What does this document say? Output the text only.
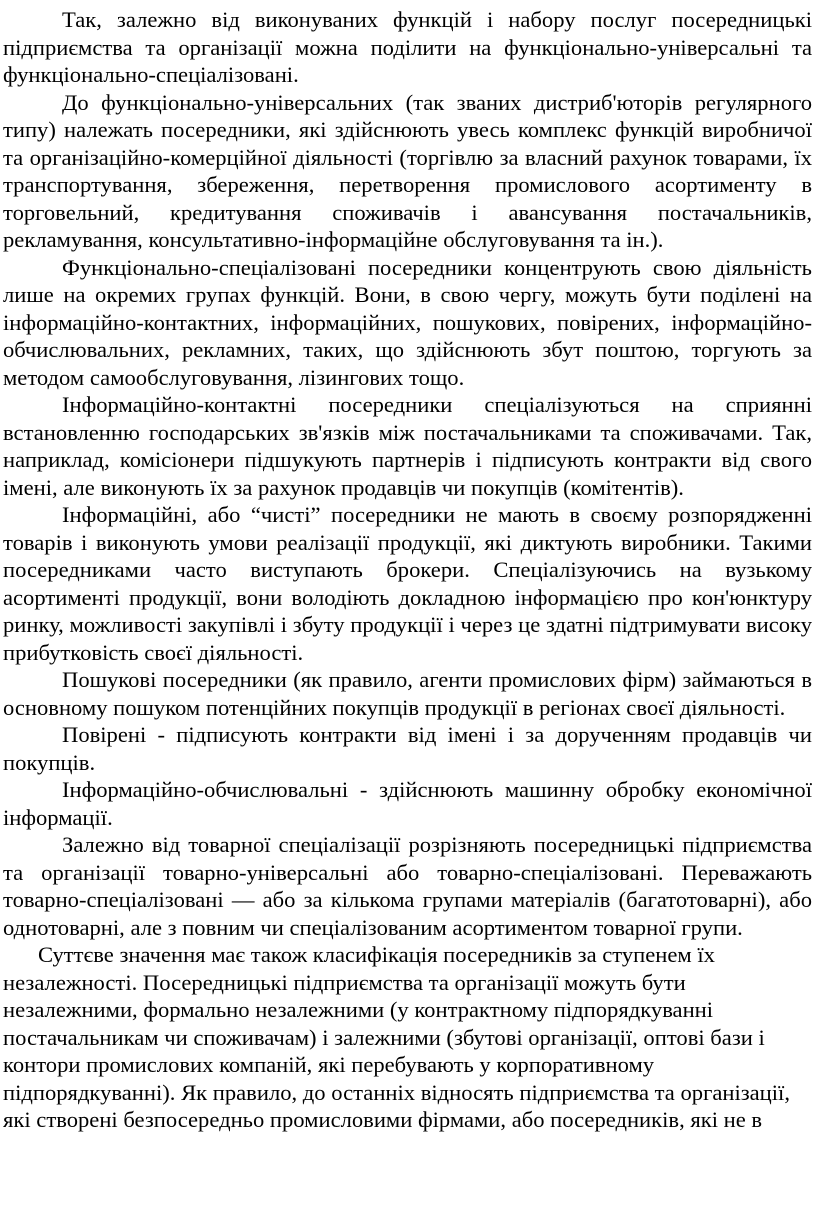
Так, залежно від виконуваних функцій і набору послуг посередницькі підприємства та організації можна поділити на функціонально-універсальні та функціонально-спеціалізовані.

До функціонально-універсальних (так званих дистриб'юторів регулярного типу) належать посередники, які здійснюють увесь комплекс функцій виробничої та організаційно-комерційної діяльності (торгівлю за власний рахунок товарами, їх транспортування, збереження, перетворення промислового асортименту в торговельний, кредитування споживачів і авансування постачальників, рекламування, консультативно-інформаційне обслуговування та ін.).

Функціонально-спеціалізовані посередники концентрують свою діяльність лише на окремих групах функцій. Вони, в свою чергу, можуть бути поділені на інформаційно-контактних, інформаційних, пошукових, повірених, інформаційно-обчислювальних, рекламних, таких, що здійснюють збут поштою, торгують за методом самообслуговування, лізингових тощо.

Інформаційно-контактні посередники спеціалізуються на сприянні встановленню господарських зв'язків між постачальниками та споживачами. Так, наприклад, комісіонери підшукують партнерів і підписують контракти від свого імені, але виконують їх за рахунок продавців чи покупців (комітентів).

Інформаційні, або “чисті” посередники не мають в своєму розпорядженні товарів і виконують умови реалізації продукції, які диктують виробники. Такими посередниками часто виступають брокери. Спеціалізуючись на вузькому асортименті продукції, вони володіють докладною інформацією про кон'юнктуру ринку, можливості закупівлі і збуту продукції і через це здатні підтримувати високу прибутковість своєї діяльності.

Пошукові посередники (як правило, агенти промислових фірм) займаються в основному пошуком потенційних покупців продукції в регіонах своєї діяльності.

Повірені - підписують контракти від імені і за дорученням продавців чи покупців.

Інформаційно-обчислювальні - здійснюють машинну обробку економічної інформації.

Залежно від товарної спеціалізації розрізняють посередницькі підприємства та організації товарно-універсальні або товарно-спеціалізовані. Переважають товарно-спеціалізовані — або за кількома групами матеріалів (багатотоварні), або однотоварні, але з повним чи спеціалізованим асортиментом товарної групи.

Суттєве значення має також класифікація посередників за ступенем їх незалежності. Посередницькі підприємства та організації можуть бути незалежними, формально незалежними (у контрактному підпорядкуванні постачальникам чи споживачам) і залежними (збутові організації, оптові бази і контори промислових компаній, які перебувають у корпоративному підпорядкуванні). Як правило, до останніх відносять підприємства та організації, які створені безпосередньо промисловими фірмами, або посередників, які не в
